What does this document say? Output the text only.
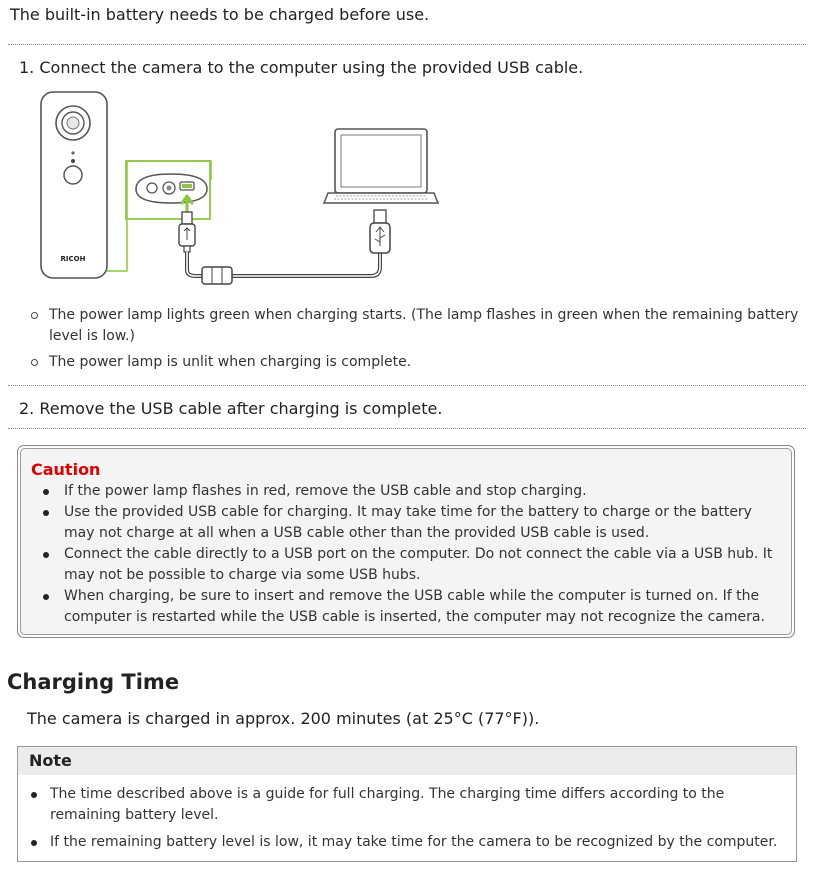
The built-in battery needs to be charged before use.
1. Connect the camera to the computer using the provided USB cable.
RICOH
The power lamp lights green when charging starts. (The lamp flashes in green when the remaining battery level is low.)
The power lamp is unlit when charging is complete.
2. Remove the USB cable after charging is complete.
Caution
If the power lamp flashes in red, remove the USB cable and stop charging.
Use the provided USB cable for charging. It may take time for the battery to charge or the battery may not charge at all when a USB cable other than the provided USB cable is used.
Connect the cable directly to a USB port on the computer. Do not connect the cable via a USB hub. It may not be possible to charge via some USB hubs.
When charging, be sure to insert and remove the USB cable while the computer is turned on. If the computer is restarted while the USB cable is inserted, the computer may not recognize the camera.
Charging Time
The camera is charged in approx. 200 minutes (at 25°C (77°F)).
Note
The time described above is a guide for full charging. The charging time differs according to the remaining battery level.
If the remaining battery level is low, it may take time for the camera to be recognized by the computer.
